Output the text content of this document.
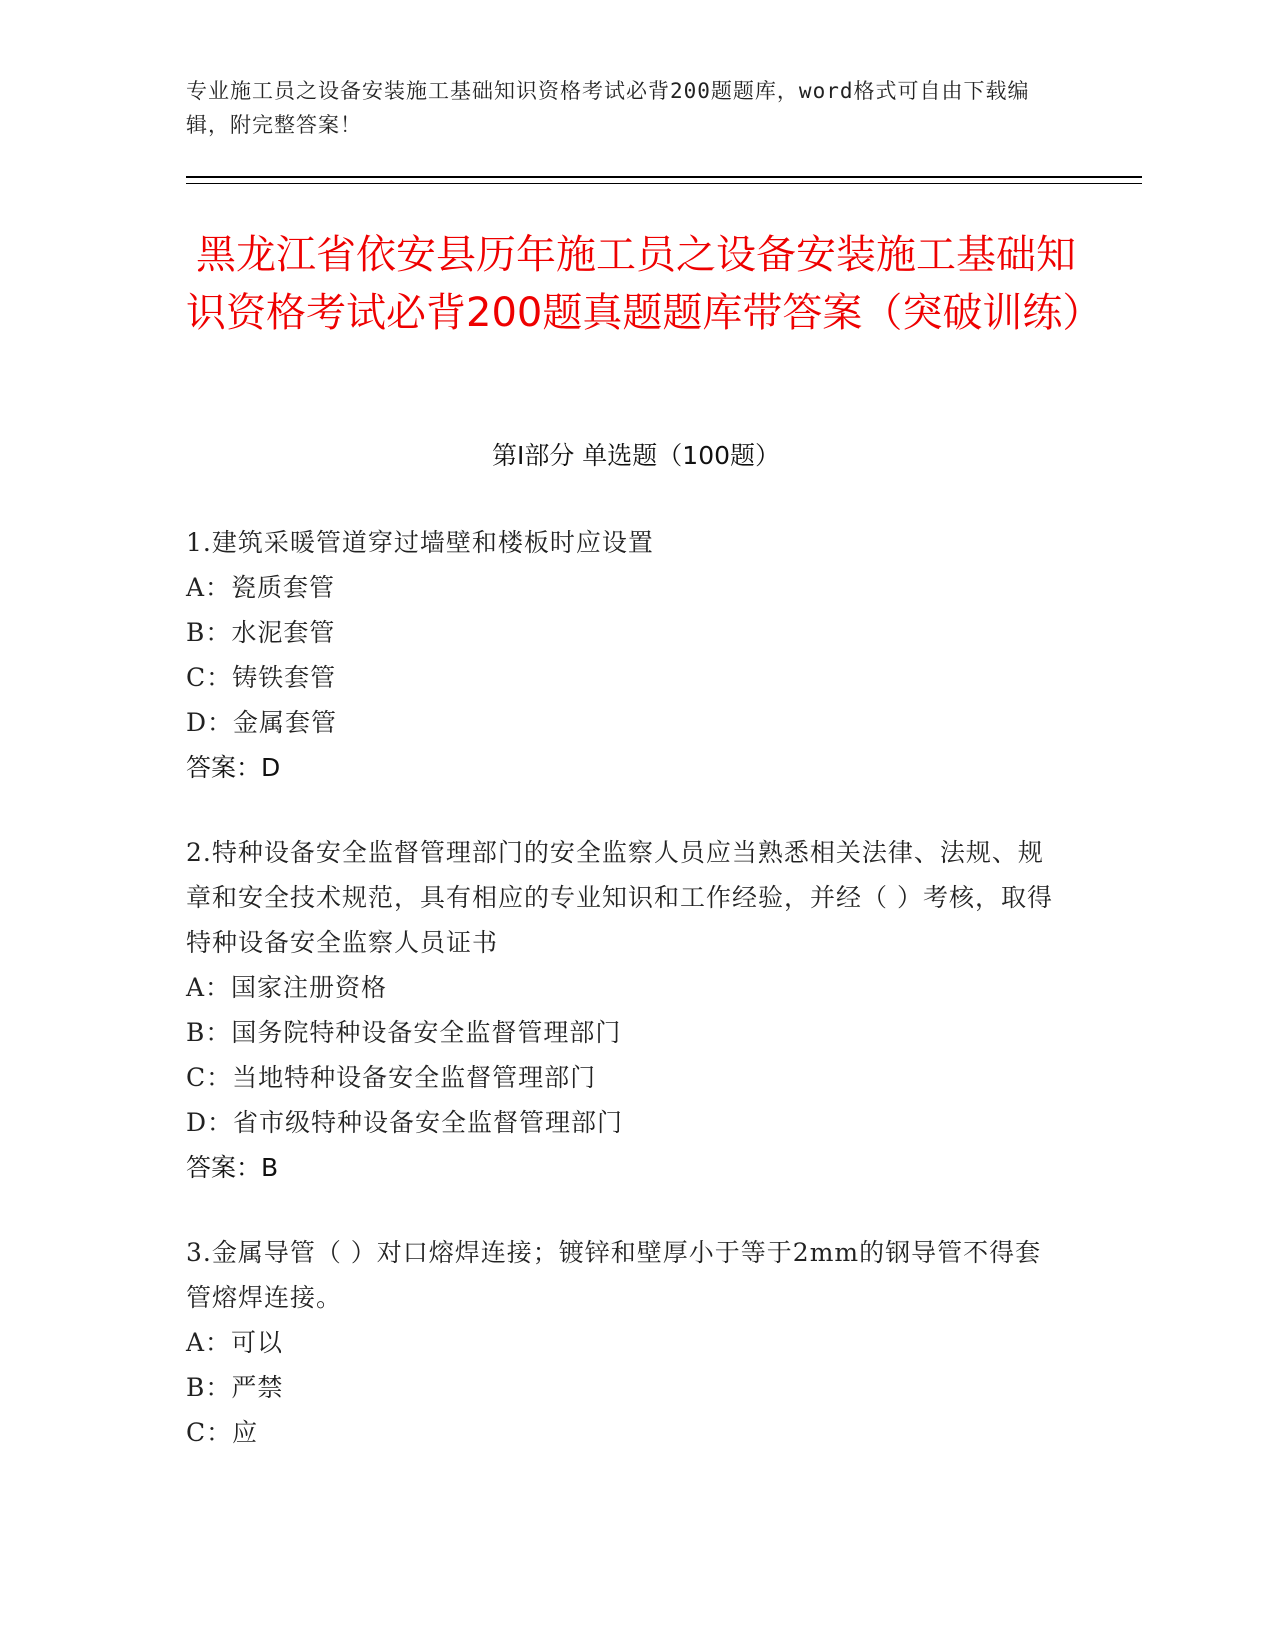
专业施工员之设备安装施工基础知识资格考试必背200题题库，word格式可自由下载编辑，附完整答案！
黑龙江省依安县历年施工员之设备安装施工基础知识资格考试必背200题真题题库带答案（突破训练）
第Ⅰ部分 单选题（100题）
1.建筑采暖管道穿过墙壁和楼板时应设置
A：瓷质套管
B：水泥套管
C：铸铁套管
D：金属套管
答案：D
2.特种设备安全监督管理部门的安全监察人员应当熟悉相关法律、法规、规章和安全技术规范，具有相应的专业知识和工作经验，并经（ ）考核，取得特种设备安全监察人员证书
A：国家注册资格
B：国务院特种设备安全监督管理部门
C：当地特种设备安全监督管理部门
D：省市级特种设备安全监督管理部门
答案：B
3.金属导管（ ）对口熔焊连接；镀锌和壁厚小于等于2mm的钢导管不得套管熔焊连接。
A：可以
B：严禁
C：应
